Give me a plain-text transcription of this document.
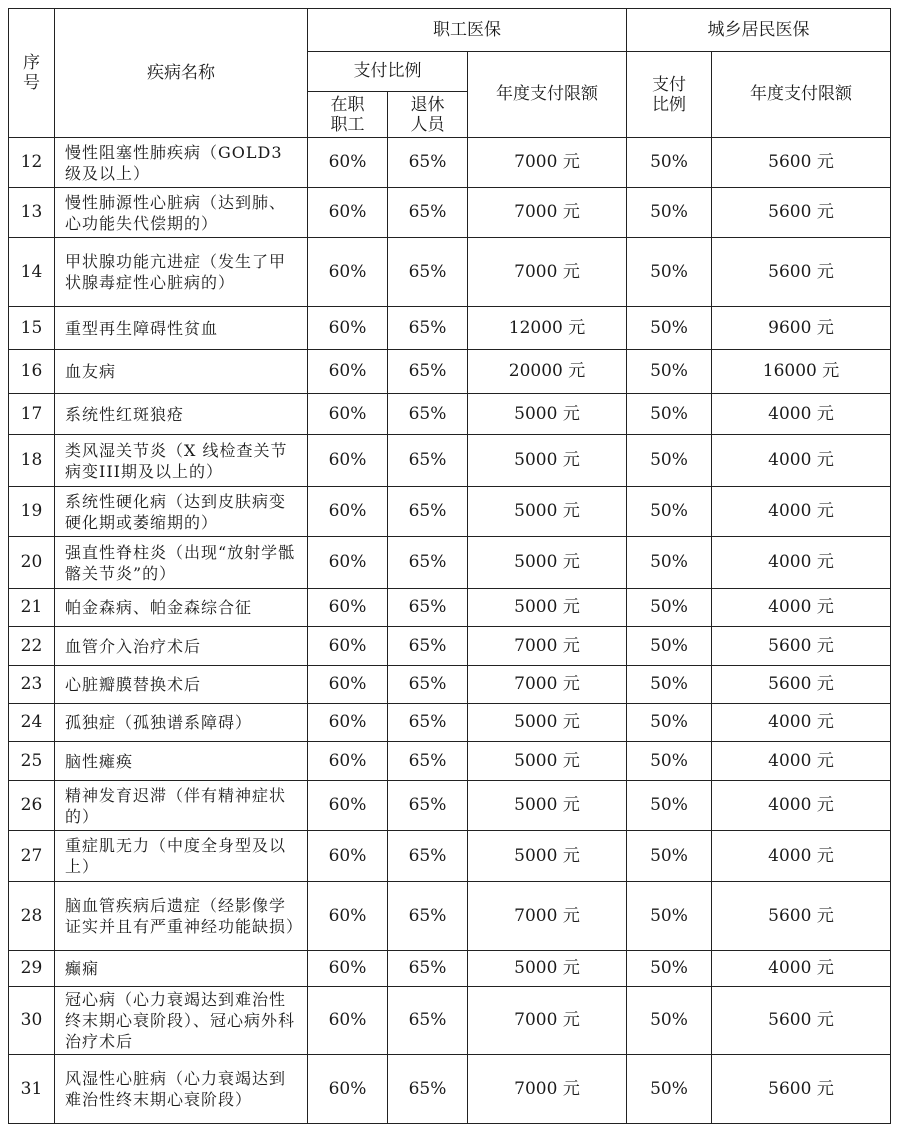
序号	疾病名称	职工医保			城乡居民医保	
		支付比例		年度支付限额	支付比例	年度支付限额
		在职职工	退休人员			
12	慢性阻塞性肺疾病（GOLD3 级及以上）	60%	65%	7000 元	50%	5600 元
13	慢性肺源性心脏病（达到肺、心功能失代偿期的）	60%	65%	7000 元	50%	5600 元
14	甲状腺功能亢进症（发生了甲状腺毒症性心脏病的）	60%	65%	7000 元	50%	5600 元
15	重型再生障碍性贫血	60%	65%	12000 元	50%	9600 元
16	血友病	60%	65%	20000 元	50%	16000 元
17	系统性红斑狼疮	60%	65%	5000 元	50%	4000 元
18	类风湿关节炎（X 线检查关节病变III期及以上的）	60%	65%	5000 元	50%	4000 元
19	系统性硬化病（达到皮肤病变硬化期或萎缩期的）	60%	65%	5000 元	50%	4000 元
20	强直性脊柱炎（出现“放射学骶髂关节炎”的）	60%	65%	5000 元	50%	4000 元
21	帕金森病、帕金森综合征	60%	65%	5000 元	50%	4000 元
22	血管介入治疗术后	60%	65%	7000 元	50%	5600 元
23	心脏瓣膜替换术后	60%	65%	7000 元	50%	5600 元
24	孤独症（孤独谱系障碍）	60%	65%	5000 元	50%	4000 元
25	脑性瘫痪	60%	65%	5000 元	50%	4000 元
26	精神发育迟滞（伴有精神症状的）	60%	65%	5000 元	50%	4000 元
27	重症肌无力（中度全身型及以上）	60%	65%	5000 元	50%	4000 元
28	脑血管疾病后遗症（经影像学证实并且有严重神经功能缺损）	60%	65%	7000 元	50%	5600 元
29	癫痫	60%	65%	5000 元	50%	4000 元
30	冠心病（心力衰竭达到难治性终末期心衰阶段）、冠心病外科治疗术后	60%	65%	7000 元	50%	5600 元
31	风湿性心脏病（心力衰竭达到难治性终末期心衰阶段）	60%	65%	7000 元	50%	5600 元
